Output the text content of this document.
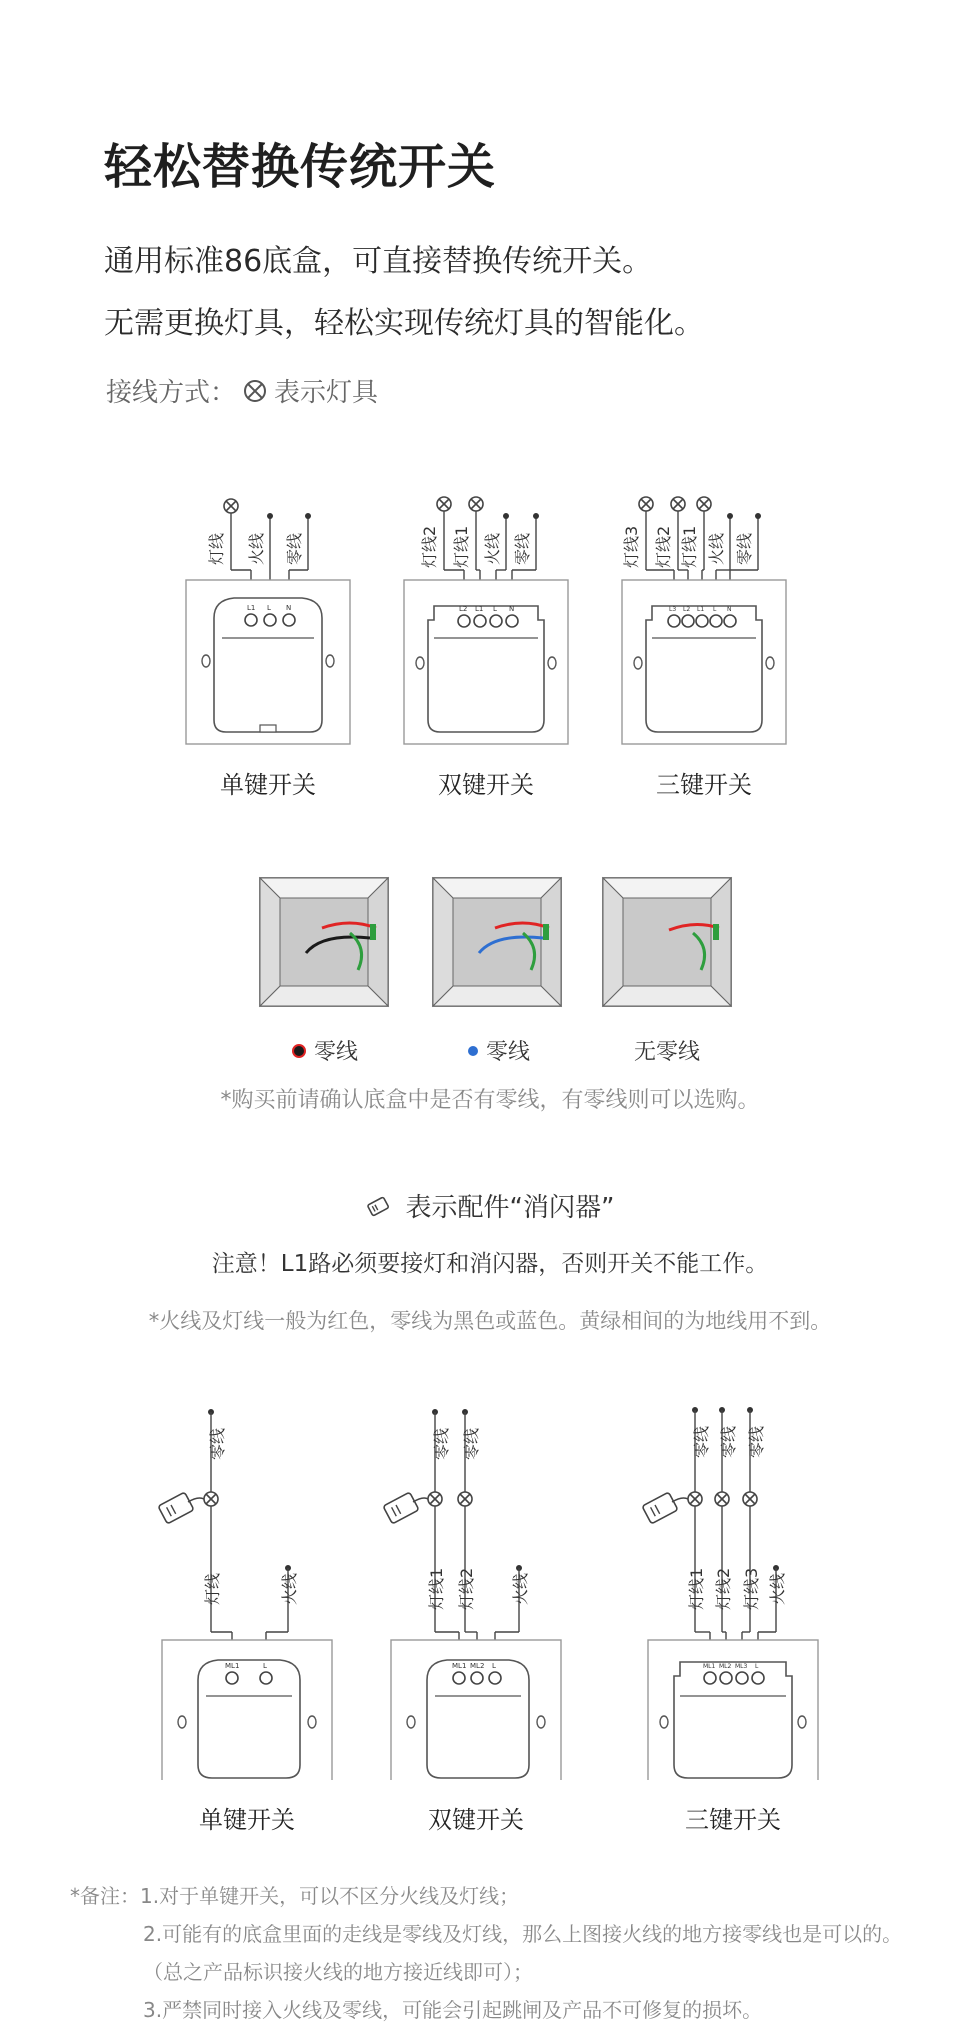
轻松替换传统开关
通用标准86底盒，可直接替换传统开关。
无需更换灯具，轻松实现传统灯具的智能化。
接线方式： 表示灯具
灯线 火线 零线
L1 L N
灯线2 灯线1 火线 零线
L2 L1 L N
灯线3 灯线2 灯线1 火线 零线
L3 L2 L1 L N
单键开关	双键开关	三键开关
零线	零线	无零线
*购买前请确认底盒中是否有零线，有零线则可以选购。
表示配件“消闪器”
注意！L1路必须要接灯和消闪器，否则开关不能工作。
*火线及灯线一般为红色，零线为黑色或蓝色。黄绿相间的为地线用不到。
零线
灯线	火线
ML1	L
零线 零线
灯线1 灯线2 火线
ML1 ML2 L
零线 零线 零线
灯线1 灯线2 灯线3 火线
ML1 ML2 ML3 L
单键开关	双键开关	三键开关
*备注：1.对于单键开关，可以不区分火线及灯线；
2.可能有的底盒里面的走线是零线及灯线，那么上图接火线的地方接零线也是可以的。
（总之产品标识接火线的地方接近线即可）；
3.严禁同时接入火线及零线，可能会引起跳闸及产品不可修复的损坏。
